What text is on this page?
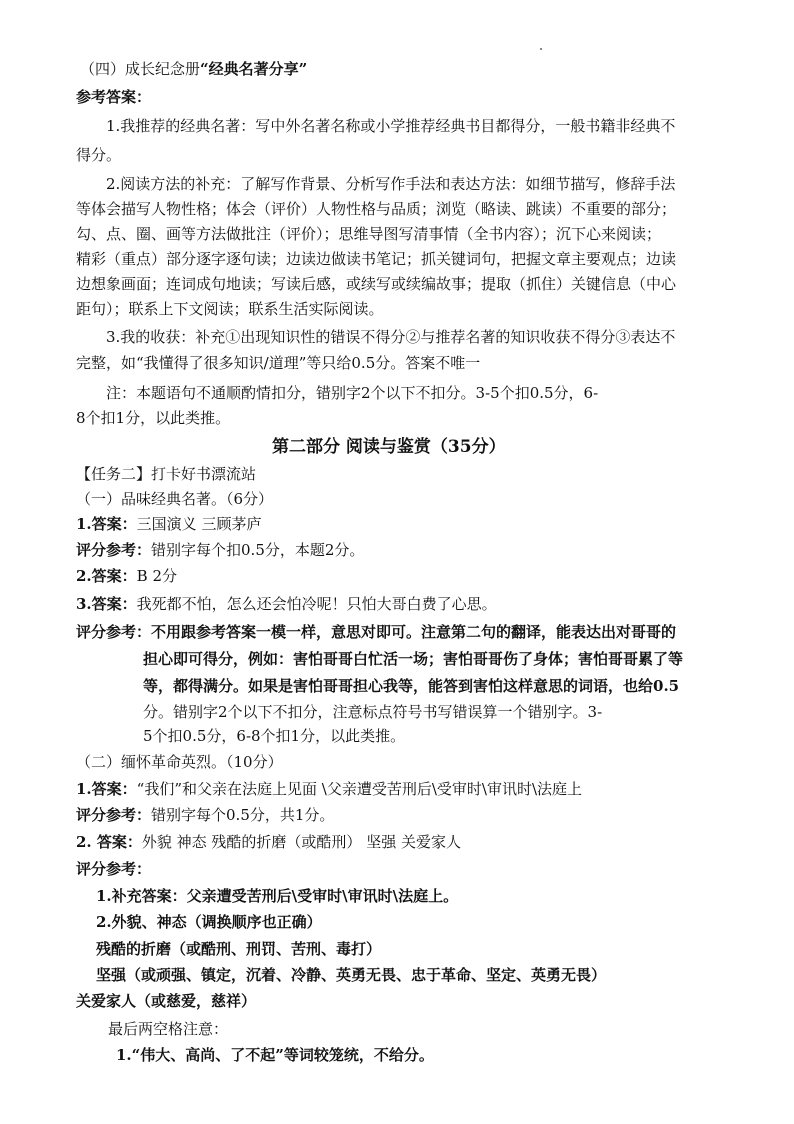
（四）成长纪念册“经典名著分享”
参考答案：
1.我推荐的经典名著：写中外名著名称或小学推荐经典书目都得分，一般书籍非经典不
得分。
2.阅读方法的补充：了解写作背景、分析写作手法和表达方法：如细节描写，修辞手法
等体会描写人物性格；体会（评价）人物性格与品质；浏览（略读、跳读）不重要的部分；
勾、点、圈、画等方法做批注（评价）；思维导图写清事情（全书内容）；沉下心来阅读；
精彩（重点）部分逐字逐句读；边读边做读书笔记；抓关键词句，把握文章主要观点；边读
边想象画面；连词成句地读；写读后感，或续写或续编故事；提取（抓住）关键信息（中心
距句）；联系上下文阅读；联系生活实际阅读。
3.我的收获：补充①出现知识性的错误不得分②与推荐名著的知识收获不得分③表达不
完整，如“我懂得了很多知识/道理”等只给0.5分。答案不唯一
注：本题语句不通顺酌情扣分，错别字2个以下不扣分。3-5个扣0.5分，6-
8个扣1分，以此类推。
第二部分 阅读与鉴赏（35分）
【任务二】打卡好书漂流站
（一）品味经典名著。（6分）
1.答案：三国演义 三顾茅庐
评分参考：错别字每个扣0.5分，本题2分。
2.答案：B 2分
3.答案：我死都不怕，怎么还会怕冷呢！只怕大哥白费了心思。
评分参考：不用跟参考答案一模一样，意思对即可。注意第二句的翻译，能表达出对哥哥的
担心即可得分，例如：害怕哥哥白忙活一场；害怕哥哥伤了身体；害怕哥哥累了等
等，都得满分。如果是害怕哥哥担心我等，能答到害怕这样意思的词语，也给0.5
分。错别字2个以下不扣分，注意标点符号书写错误算一个错别字。3-
5个扣0.5分，6-8个扣1分，以此类推。
（二）缅怀革命英烈。（10分）
1.答案：“我们”和父亲在法庭上见面 \父亲遭受苦刑后\受审时\审讯时\法庭上
评分参考：错别字每个0.5分，共1分。
2. 答案：外貌 神态 残酷的折磨（或酷刑） 坚强 关爱家人
评分参考：
1.补充答案：父亲遭受苦刑后\受审时\审讯时\法庭上。
2.外貌、神态（调换顺序也正确）
残酷的折磨（或酷刑、刑罚、苦刑、毒打）
坚强（或顽强、镇定，沉着、冷静、英勇无畏、忠于革命、坚定、英勇无畏）
关爱家人（或慈爱，慈祥）
最后两空格注意：
1.“伟大、高尚、了不起”等词较笼统，不给分。
